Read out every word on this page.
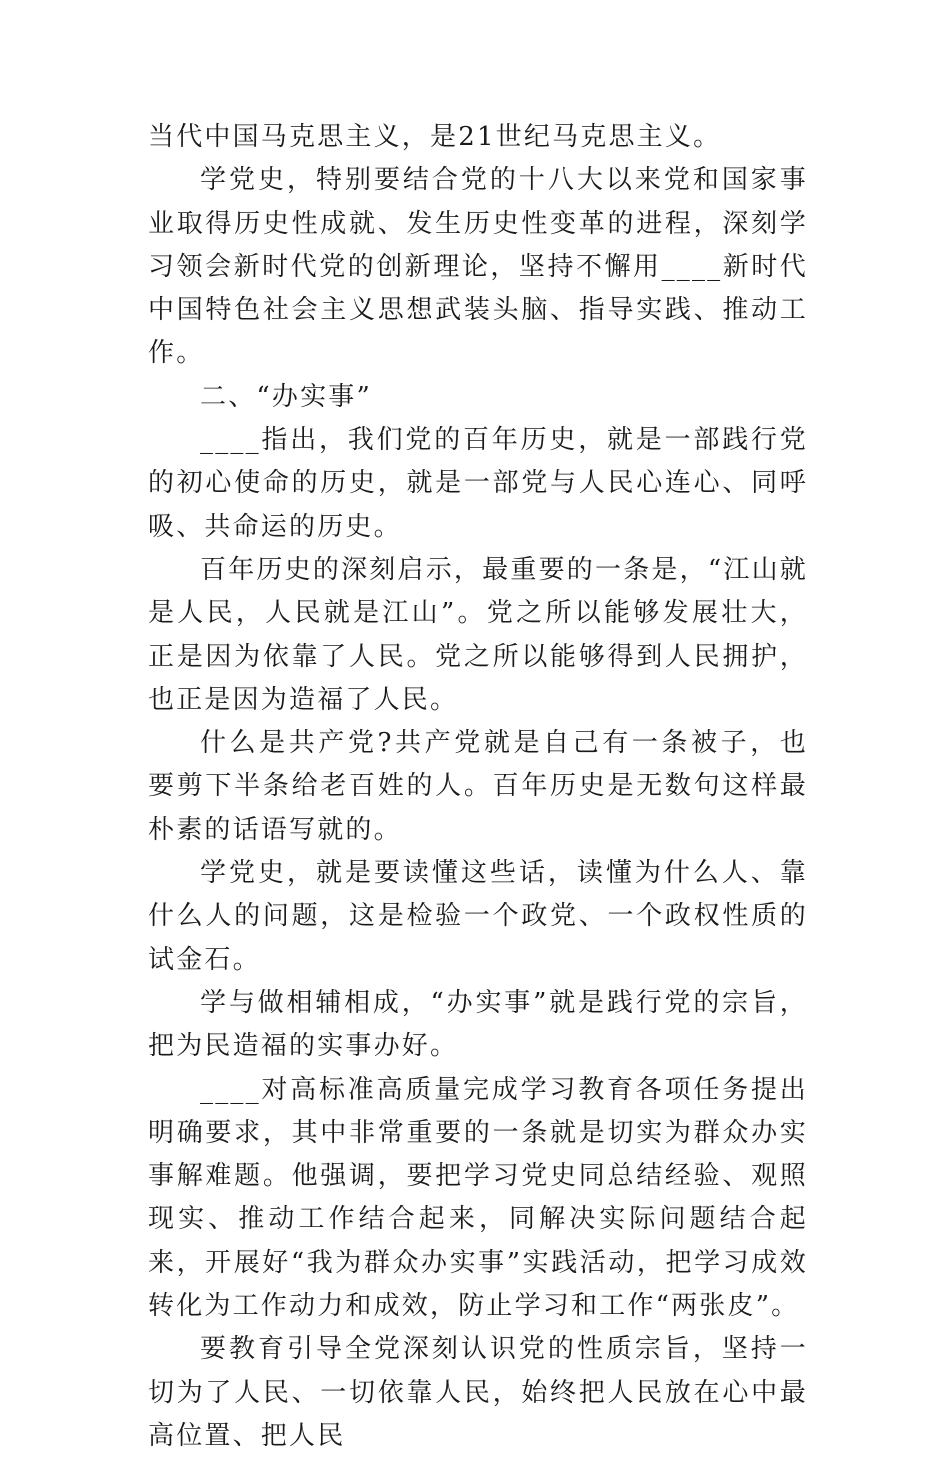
当代中国马克思主义，是21世纪马克思主义。

学党史，特别要结合党的十八大以来党和国家事业取得历史性成就、发生历史性变革的进程，深刻学习领会新时代党的创新理论，坚持不懈用____新时代中国特色社会主义思想武装头脑、指导实践、推动工作。

二、“办实事”

____指出，我们党的百年历史，就是一部践行党的初心使命的历史，就是一部党与人民心连心、同呼吸、共命运的历史。

百年历史的深刻启示，最重要的一条是，“江山就是人民，人民就是江山”。党之所以能够发展壮大，正是因为依靠了人民。党之所以能够得到人民拥护，也正是因为造福了人民。

什么是共产党?共产党就是自己有一条被子，也要剪下半条给老百姓的人。百年历史是无数句这样最朴素的话语写就的。

学党史，就是要读懂这些话，读懂为什么人、靠什么人的问题，这是检验一个政党、一个政权性质的试金石。

学与做相辅相成，“办实事”就是践行党的宗旨，把为民造福的实事办好。

____对高标准高质量完成学习教育各项任务提出明确要求，其中非常重要的一条就是切实为群众办实事解难题。他强调，要把学习党史同总结经验、观照现实、推动工作结合起来，同解决实际问题结合起来，开展好“我为群众办实事”实践活动，把学习成效转化为工作动力和成效，防止学习和工作“两张皮”。

要教育引导全党深刻认识党的性质宗旨，坚持一切为了人民、一切依靠人民，始终把人民放在心中最高位置、把人民
